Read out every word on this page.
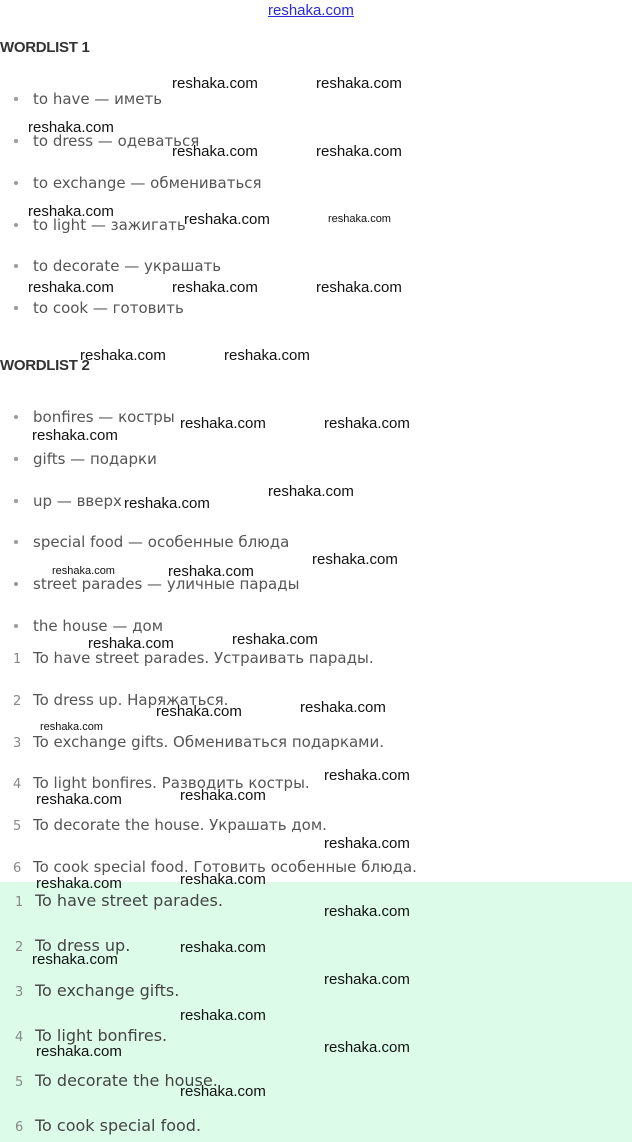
reshaka.com
WORDLIST 1
to have — иметь
to dress — одеваться
to exchange — обмениваться
to light — зажигать
to decorate — украшать
to cook — готовить
WORDLIST 2
bonfires — костры
gifts — подарки
up — вверх
special food — особенные блюда
street parades — уличные парады
the house — дом
1 To have street parades. Устраивать парады.
2 To dress up. Наряжаться.
3 To exchange gifts. Обмениваться подарками.
4 To light bonfires. Разводить костры.
5 To decorate the house. Украшать дом.
6 To cook special food. Готовить особенные блюда.
1 To have street parades.
2 To dress up.
3 To exchange gifts.
4 To light bonfires.
5 To decorate the house.
6 To cook special food.
reshaka.com	reshaka.com
reshaka.com
reshaka.com	reshaka.com
reshaka.com	reshaka.com	reshaka.com
reshaka.com	reshaka.com	reshaka.com
reshaka.com	reshaka.com
reshaka.com	reshaka.com
reshaka.com
reshaka.com
reshaka.com
reshaka.com
reshaka.com	reshaka.com
reshaka.com
reshaka.com
reshaka.com
reshaka.com
reshaka.com
reshaka.com
reshaka.com
reshaka.com
reshaka.com
reshaka.com
reshaka.com
reshaka.com
reshaka.com
reshaka.com
reshaka.com
reshaka.com
reshaka.com
reshaka.com
reshaka.com
